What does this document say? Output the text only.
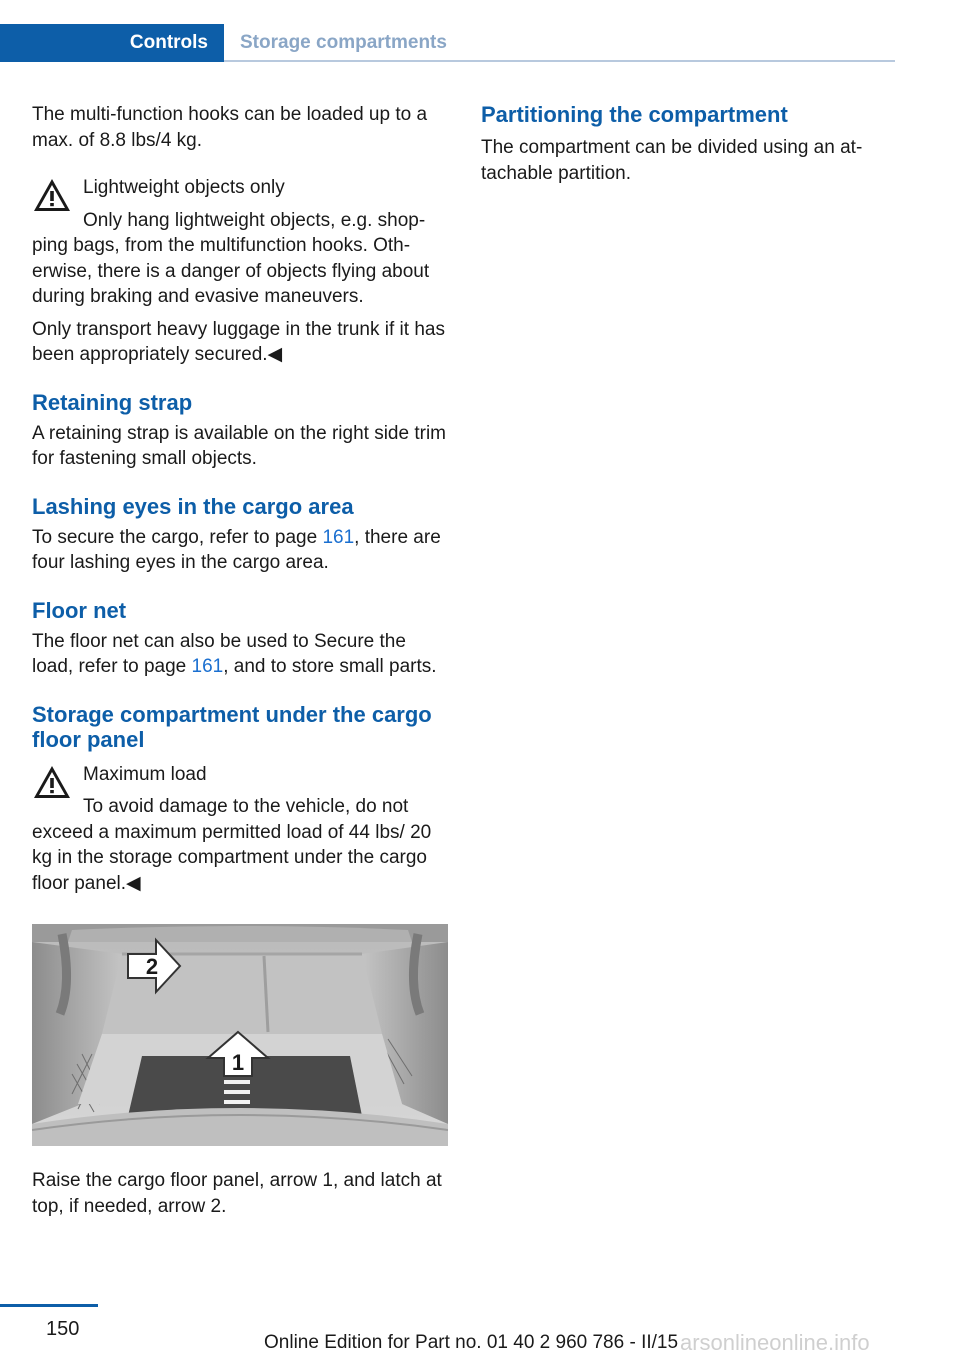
Controls Storage compartments

The multi-function hooks can be loaded up to a max. of 8.8 lbs/4 kg.

Lightweight objects only

Only hang lightweight objects, e.g. shopping bags, from the multifunction hooks. Otherwise, there is a danger of objects flying about during braking and evasive maneuvers.

Only transport heavy luggage in the trunk if it has been appropriately secured.◀

Retaining strap

A retaining strap is available on the right side trim for fastening small objects.

Lashing eyes in the cargo area

To secure the cargo, refer to page 161, there are four lashing eyes in the cargo area.

Floor net

The floor net can also be used to Secure the load, refer to page 161, and to store small parts.

Storage compartment under the cargo floor panel

Maximum load

To avoid damage to the vehicle, do not exceed a maximum permitted load of 44 lbs/ 20 kg in the storage compartment under the cargo floor panel.◀

1
2

Raise the cargo floor panel, arrow 1, and latch at top, if needed, arrow 2.

Partitioning the compartment

The compartment can be divided using an attachable partition.

150
Online Edition for Part no. 01 40 2 960 786 - II/15 arsonlineonline.info
